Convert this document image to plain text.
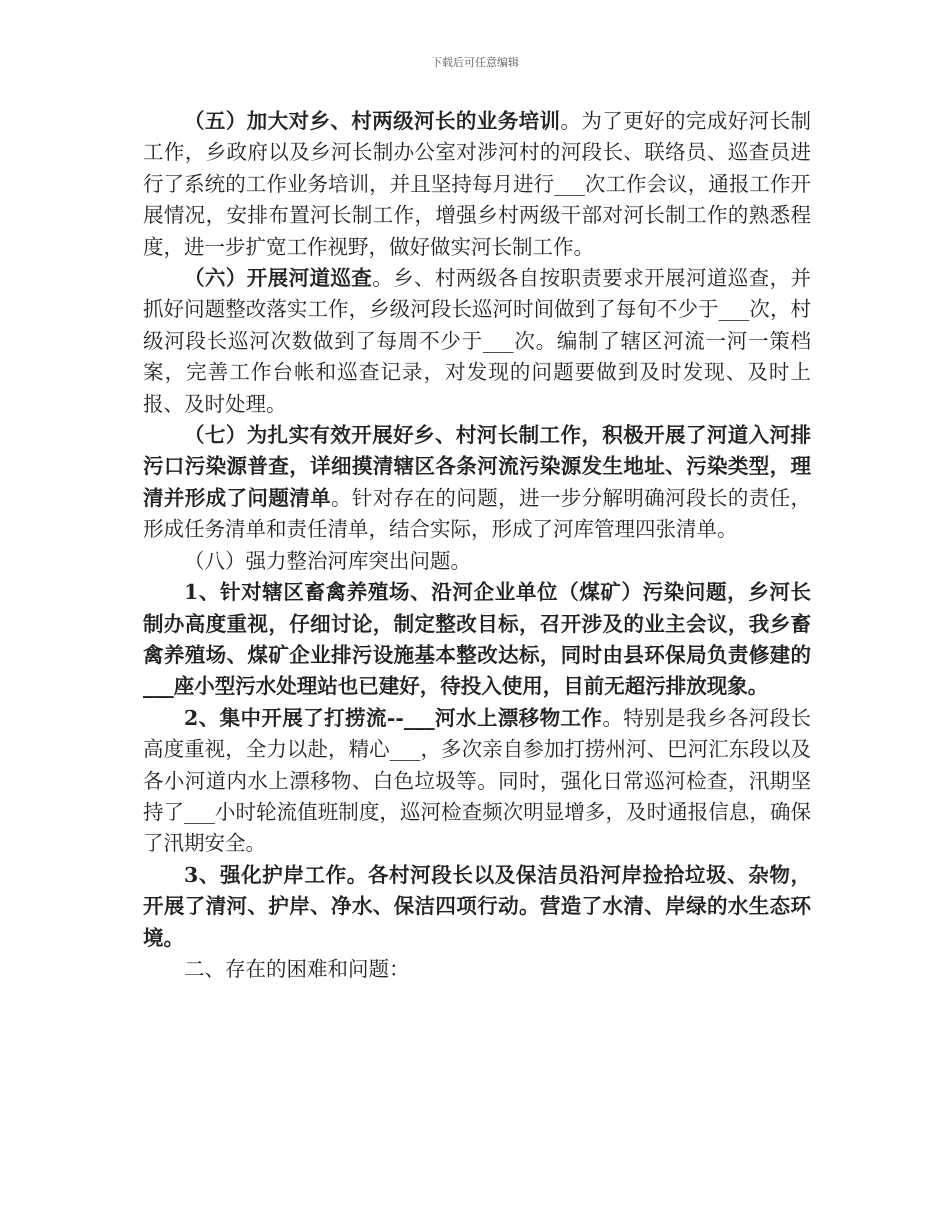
下载后可任意编辑

（五）加大对乡、村两级河长的业务培训。为了更好的完成好河长制工作，乡政府以及乡河长制办公室对涉河村的河段长、联络员、巡查员进行了系统的工作业务培训，并且坚持每月进行___次工作会议，通报工作开展情况，安排布置河长制工作，增强乡村两级干部对河长制工作的熟悉程度，进一步扩宽工作视野，做好做实河长制工作。

（六）开展河道巡查。乡、村两级各自按职责要求开展河道巡查，并抓好问题整改落实工作，乡级河段长巡河时间做到了每旬不少于___次，村级河段长巡河次数做到了每周不少于___次。编制了辖区河流一河一策档案，完善工作台帐和巡查记录，对发现的问题要做到及时发现、及时上报、及时处理。

（七）为扎实有效开展好乡、村河长制工作，积极开展了河道入河排污口污染源普查，详细摸清辖区各条河流污染源发生地址、污染类型，理清并形成了问题清单。针对存在的问题，进一步分解明确河段长的责任，形成任务清单和责任清单，结合实际，形成了河库管理四张清单。

（八）强力整治河库突出问题。

1、针对辖区畜禽养殖场、沿河企业单位（煤矿）污染问题，乡河长制办高度重视，仔细讨论，制定整改目标，召开涉及的业主会议，我乡畜禽养殖场、煤矿企业排污设施基本整改达标，同时由县环保局负责修建的___座小型污水处理站也已建好，待投入使用，目前无超污排放现象。

2、集中开展了打捞流--___河水上漂移物工作。特别是我乡各河段长高度重视，全力以赴，精心___，多次亲自参加打捞州河、巴河汇东段以及各小河道内水上漂移物、白色垃圾等。同时，强化日常巡河检查，汛期坚持了___小时轮流值班制度，巡河检查频次明显增多，及时通报信息，确保了汛期安全。

3、强化护岸工作。各村河段长以及保洁员沿河岸捡拾垃圾、杂物，开展了清河、护岸、净水、保洁四项行动。营造了水清、岸绿的水生态环境。

二、存在的困难和问题：
